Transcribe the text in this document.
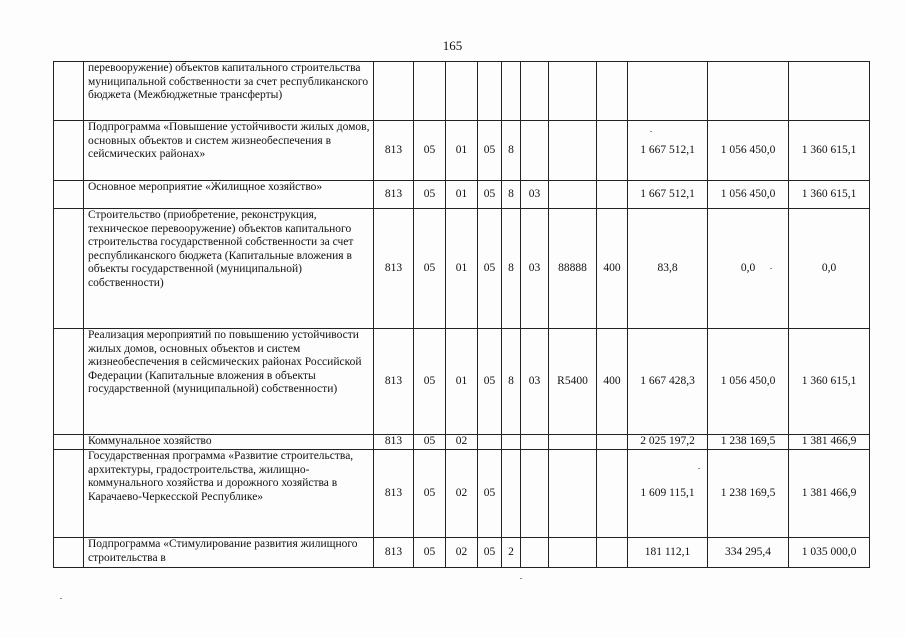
165
	перевооружение) объектов капитального строительства муниципальной собственности за счет республиканского бюджета (Межбюджетные трансферты)											
	Подпрограмма «Повышение устойчивости жилых домов, основных объектов и систем жизнеобеспечения в сейсмических районах»	813	05	01	05	8				1 667 512,1	1 056 450,0	1 360 615,1
	Основное мероприятие «Жилищное хозяйство»	813	05	01	05	8	03			1 667 512,1	1 056 450,0	1 360 615,1
	Строительство (приобретение, реконструкция, техническое перевооружение) объектов капитального строительства государственной собственности за счет республиканского бюджета (Капитальные вложения в объекты государственной (муниципальной) собственности)	813	05	01	05	8	03	88888	400	83,8	0,0	0,0
	Реализация мероприятий по повышению устойчивости жилых домов, основных объектов и систем жизнеобеспечения в сейсмических районах Российской Федерации (Капитальные вложения в объекты государственной (муниципальной) собственности)	813	05	01	05	8	03	R5400	400	1 667 428,3	1 056 450,0	1 360 615,1
	Коммунальное хозяйство	813	05	02						2 025 197,2	1 238 169,5	1 381 466,9
	Государственная программа «Развитие строительства, архитектуры, градостроительства, жилищно-коммунального хозяйства и дорожного хозяйства в Карачаево-Черкесской Республике»	813	05	02	05					1 609 115,1	1 238 169,5	1 381 466,9
	Подпрограмма «Стимулирование развития жилищного строительства в	813	05	02	05	2				181 112,1	334 295,4	1 035 000,0
